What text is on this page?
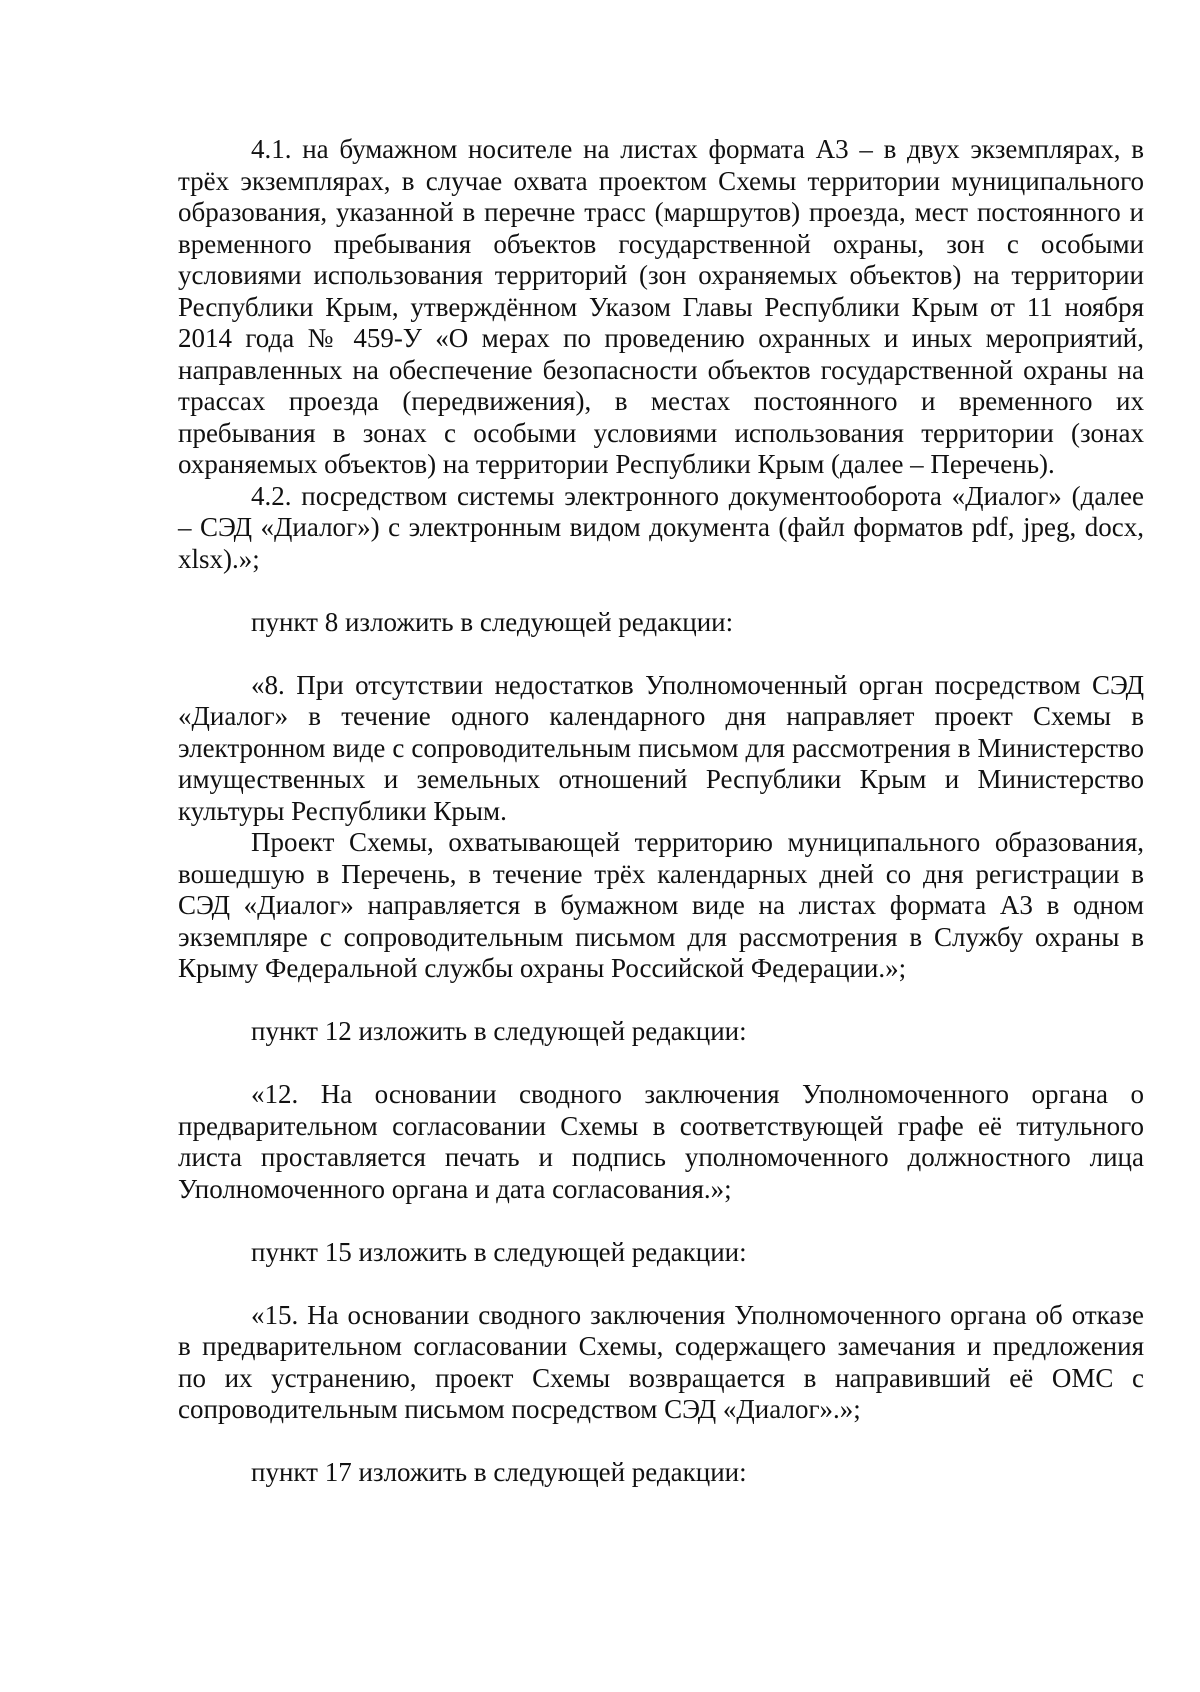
4.1. на бумажном носителе на листах формата А3 – в двух экземплярах, в трёх экземплярах, в случае охвата проектом Схемы территории муниципального образования, указанной в перечне трасс (маршрутов) проезда, мест постоянного и временного пребывания объектов государственной охраны, зон с особыми условиями использования территорий (зон охраняемых объектов) на территории Республики Крым, утверждённом Указом Главы Республики Крым от 11 ноября 2014 года № 459-У «О мерах по проведению охранных и иных мероприятий, направленных на обеспечение безопасности объектов государственной охраны на трассах проезда (передвижения), в местах постоянного и временного их пребывания в зонах с особыми условиями использования территории (зонах охраняемых объектов) на территории Республики Крым (далее – Перечень).

4.2. посредством системы электронного документооборота «Диалог» (далее – СЭД «Диалог») с электронным видом документа (файл форматов pdf, jpeg, docx, xlsx).»;

пункт 8 изложить в следующей редакции:

«8. При отсутствии недостатков Уполномоченный орган посредством СЭД «Диалог» в течение одного календарного дня направляет проект Схемы в электронном виде с сопроводительным письмом для рассмотрения в Министерство имущественных и земельных отношений Республики Крым и Министерство культуры Республики Крым.

Проект Схемы, охватывающей территорию муниципального образования, вошедшую в Перечень, в течение трёх календарных дней со дня регистрации в СЭД «Диалог» направляется в бумажном виде на листах формата А3 в одном экземпляре с сопроводительным письмом для рассмотрения в Службу охраны в Крыму Федеральной службы охраны Российской Федерации.»;

пункт 12 изложить в следующей редакции:

«12. На основании сводного заключения Уполномоченного органа о предварительном согласовании Схемы в соответствующей графе её титульного листа проставляется печать и подпись уполномоченного должностного лица Уполномоченного органа и дата согласования.»;

пункт 15 изложить в следующей редакции:

«15. На основании сводного заключения Уполномоченного органа об отказе в предварительном согласовании Схемы, содержащего замечания и предложения по их устранению, проект Схемы возвращается в направивший её ОМС с сопроводительным письмом посредством СЭД «Диалог».»;

пункт 17 изложить в следующей редакции:
